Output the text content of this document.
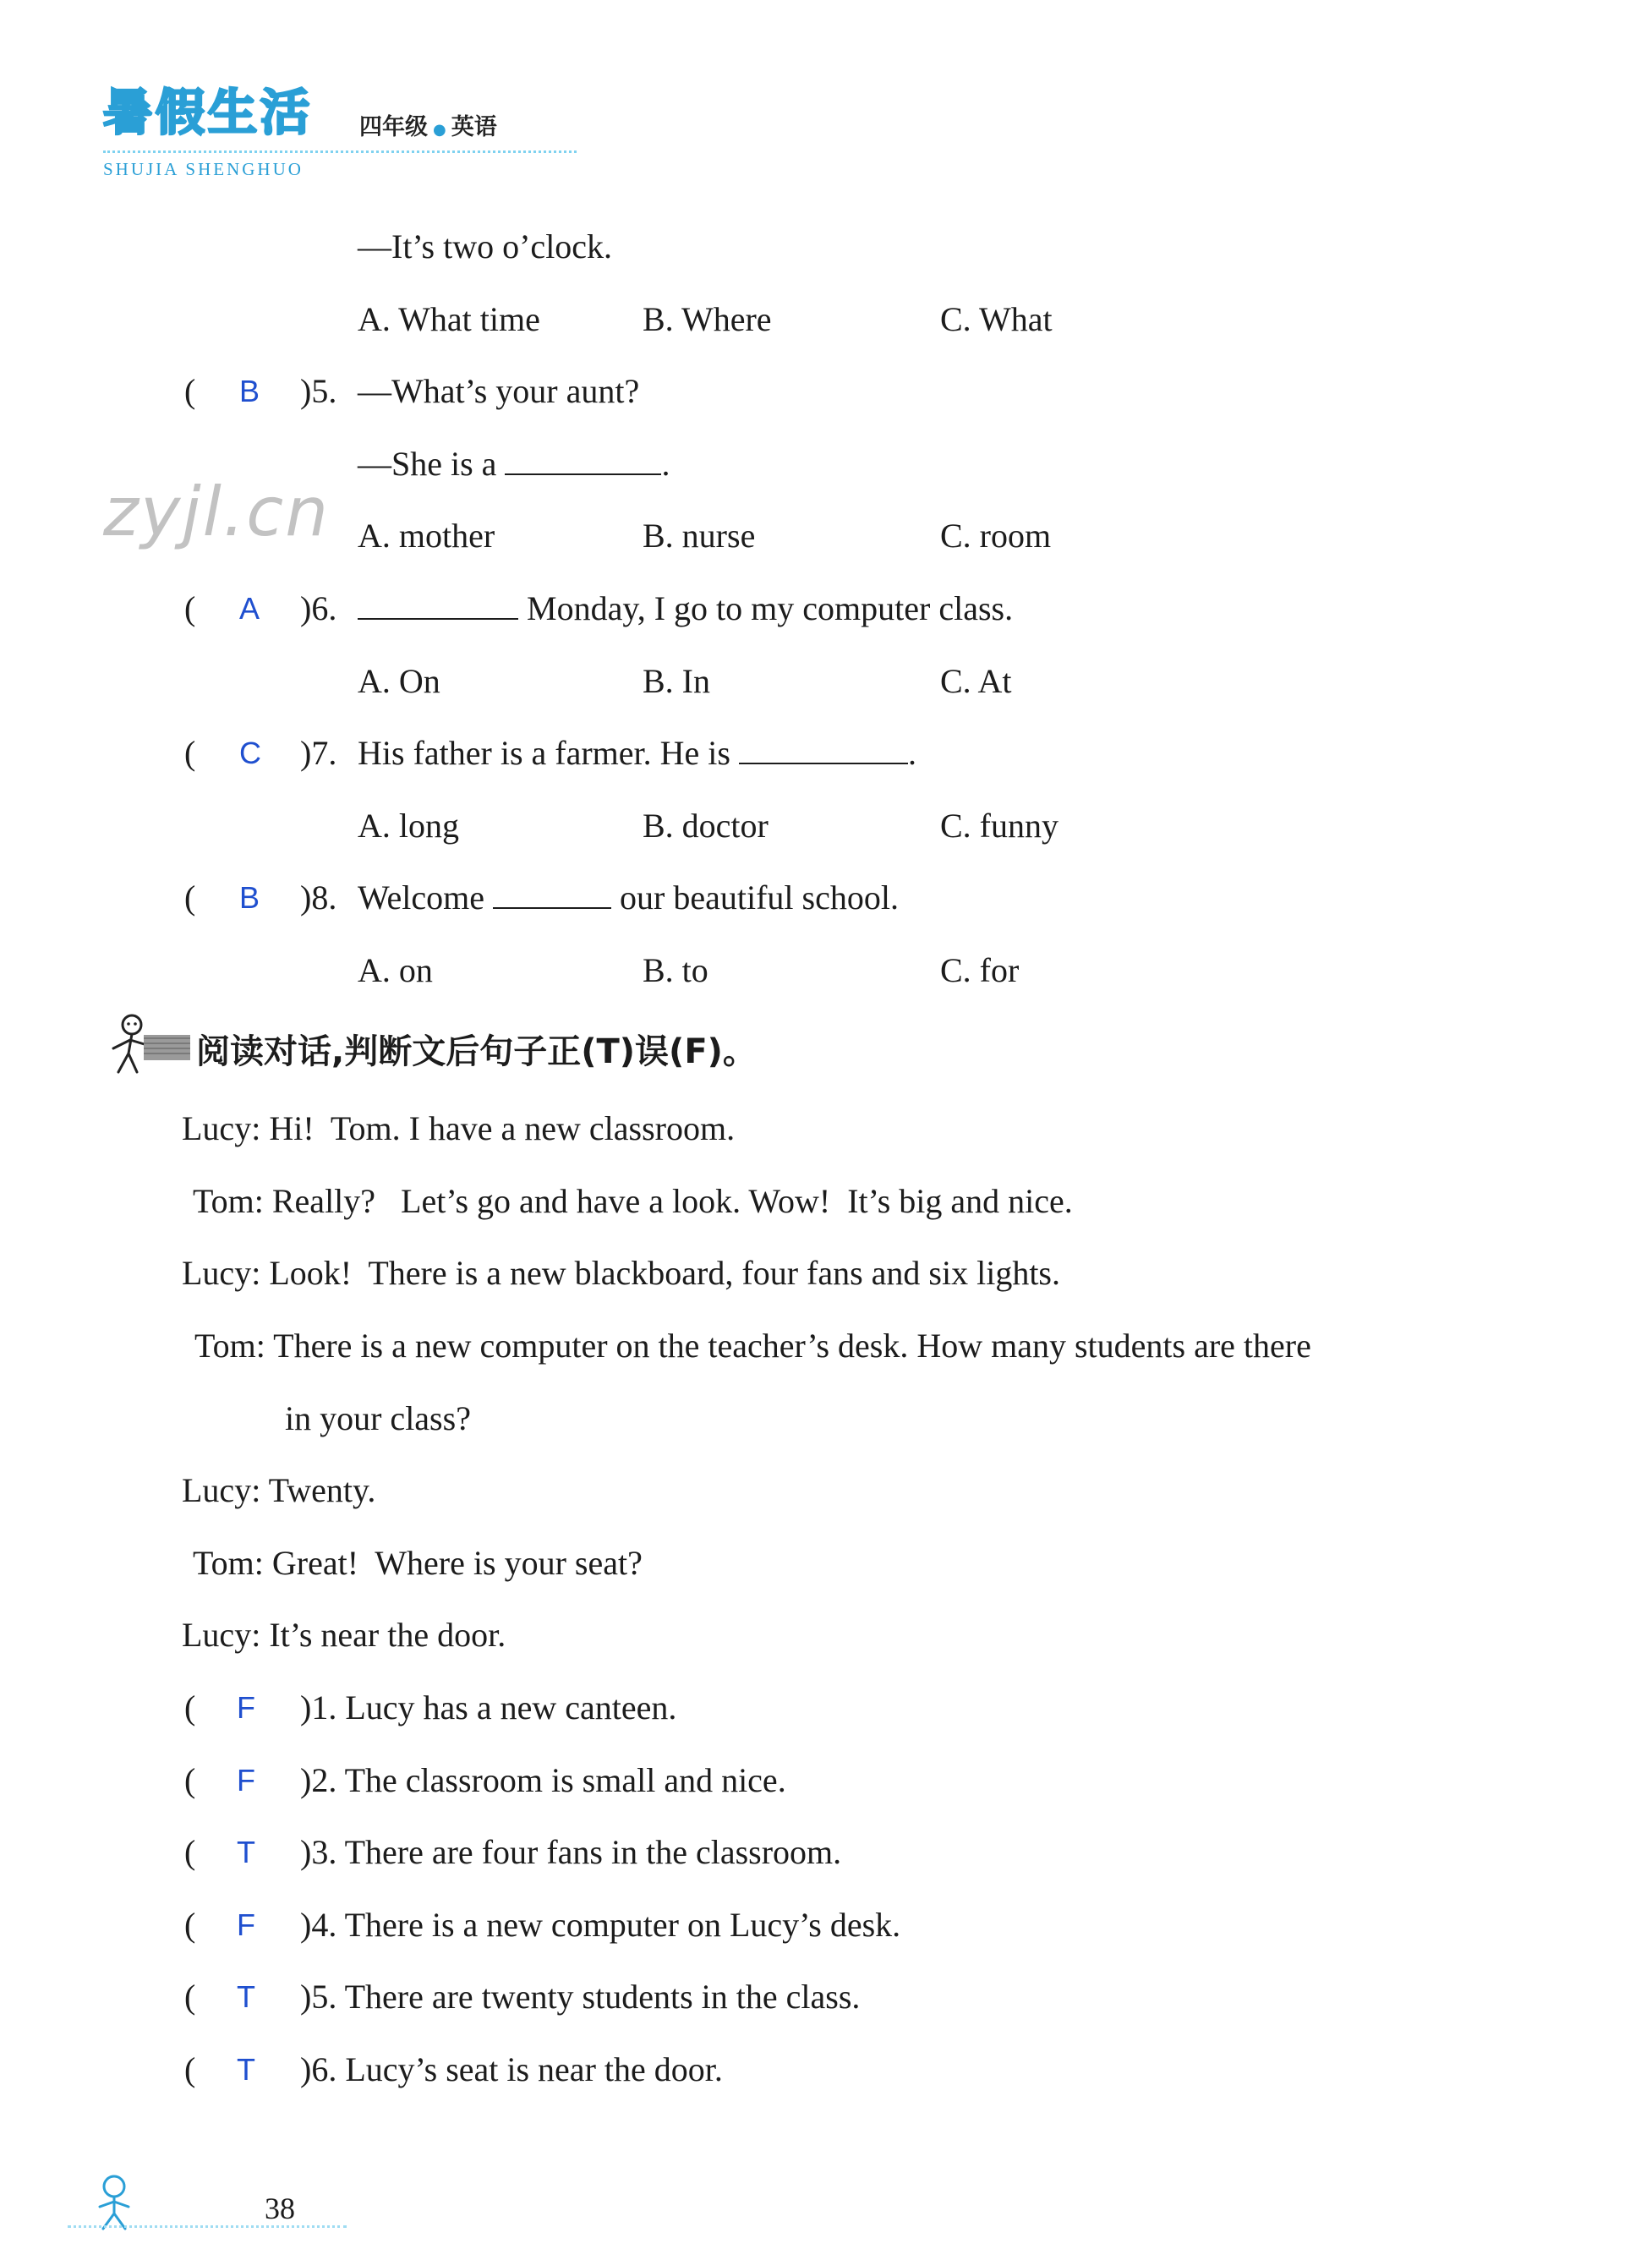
暑假生活 四年级 ● 英语
SHUJIA SHENGHUO
zyjl.cn
—It’s two o’clock.
A. What time	B. Where	C. What
( B )5. —What’s your aunt?
—She is a	.
A. mother	B. nurse	C. room
( A )6.	Monday, I go to my computer class.
A. On	B. In	C. At
( C )7. His father is a farmer. He is	.
A. long	B. doctor	C. funny
( B )8. Welcome	our beautiful school.
A. on	B. to	C. for
阅读对话,判断文后句子正(T)误(F)。
Lucy: Hi!  Tom. I have a new classroom.
Tom: Really?   Let’s go and have a look. Wow!  It’s big and nice.
Lucy: Look!  There is a new blackboard, four fans and six lights.
Tom: There is a new computer on the teacher’s desk. How many students are there
in your class?
Lucy: Twenty.
Tom: Great!  Where is your seat?
Lucy: It’s near the door.
( F )1. Lucy has a new canteen.
( F )2. The classroom is small and nice.
( T )3. There are four fans in the classroom.
( F )4. There is a new computer on Lucy’s desk.
( T )5. There are twenty students in the class.
( T )6. Lucy’s seat is near the door.
38
